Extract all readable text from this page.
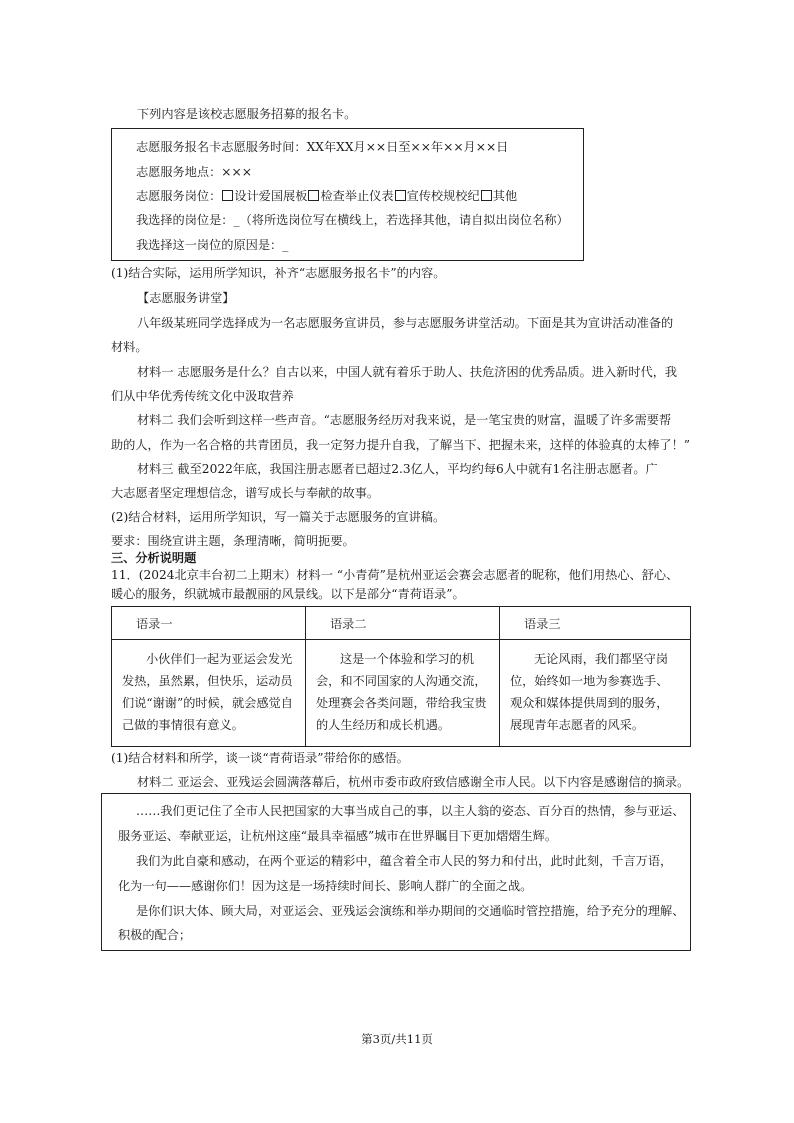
下列内容是该校志愿服务招募的报名卡。
志愿服务报名卡志愿服务时间：XX年XX月××日至××年××月××日
志愿服务地点：×××
志愿服务岗位： 设计爱国展板 检查举止仪表 宣传校规校纪 其他
我选择的岗位是：_（将所选岗位写在横线上，若选择其他，请自拟出岗位名称）
我选择这一岗位的原因是：_
(1)结合实际，运用所学知识，补齐“志愿服务报名卡”的内容。
【志愿服务讲堂】
八年级某班同学选择成为一名志愿服务宣讲员，参与志愿服务讲堂活动。下面是其为宣讲活动准备的
材料。
材料一 志愿服务是什么？自古以来，中国人就有着乐于助人、扶危济困的优秀品质。进入新时代，我
们从中华优秀传统文化中汲取营养
材料二 我们会听到这样一些声音。“志愿服务经历对我来说，是一笔宝贵的财富，温暖了许多需要帮
助的人，作为一名合格的共青团员，我一定努力提升自我，了解当下、把握未来，这样的体验真的太棒了！”
材料三 截至2022年底，我国注册志愿者已超过2.3亿人，平均约每6人中就有1名注册志愿者。广
大志愿者坚定理想信念，谱写成长与奉献的故事。
(2)结合材料，运用所学知识，写一篇关于志愿服务的宣讲稿。
要求：围绕宣讲主题，条理清晰，简明扼要。
三、分析说明题
11．(2024北京丰台初二上期末）材料一 “小青荷”是杭州亚运会赛会志愿者的昵称，他们用热心、舒心、
暖心的服务，织就城市最靓丽的风景线。以下是部分“青荷语录”。
语录一	语录二	语录三

小伙伴们一起为亚运会发光发热，虽然累，但快乐，运动员们说“谢谢”的时候，就会感觉自己做的事情很有意义。	这是一个体验和学习的机会，和不同国家的人沟通交流，处理赛会各类问题，带给我宝贵的人生经历和成长机遇。	无论风雨，我们都坚守岗位，始终如一地为参赛选手、观众和媒体提供周到的服务，展现青年志愿者的风采。

(1)结合材料和所学，谈一谈“青荷语录”带给你的感悟。
材料二 亚运会、亚残运会圆满落幕后，杭州市委市政府致信感谢全市人民。以下内容是感谢信的摘录。

……我们更记住了全市人民把国家的大事当成自己的事，以主人翁的姿态、百分百的热情，参与亚运、

服务亚运、奉献亚运，让杭州这座“最具幸福感”城市在世界瞩目下更加熠熠生辉。

我们为此自豪和感动，在两个亚运的精彩中，蕴含着全市人民的努力和付出，此时此刻，千言万语，

化为一句——感谢你们！因为这是一场持续时间长、影响人群广的全面之战。

是你们识大体、顾大局，对亚运会、亚残运会演练和举办期间的交通临时管控措施，给予充分的理解、

积极的配合；

第3页/共11页
